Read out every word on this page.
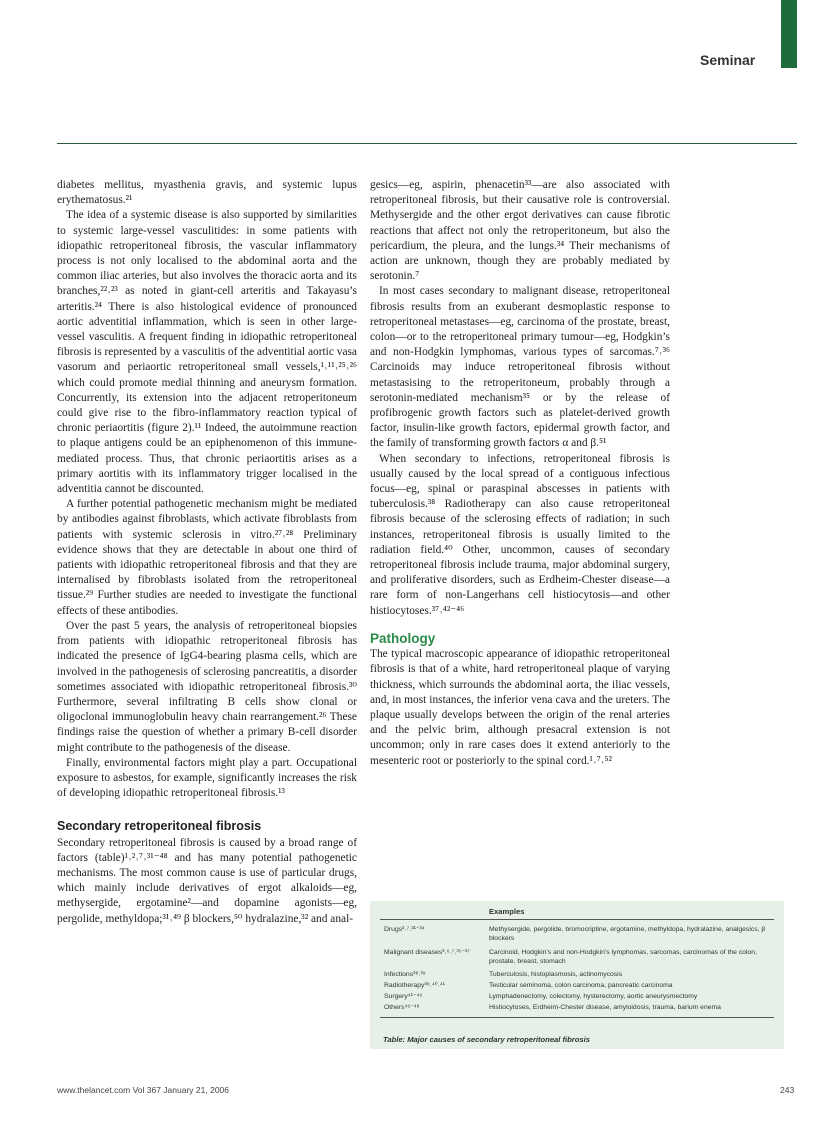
Seminar

diabetes mellitus, myasthenia gravis, and systemic lupus erythematosus.²¹

The idea of a systemic disease is also supported by similarities to systemic large-vessel vasculitides: in some patients with idiopathic retroperitoneal fibrosis, the vascular inflammatory process is not only localised to the abdominal aorta and the common iliac arteries, but also involves the thoracic aorta and its branches,²²˒²³ as noted in giant-cell arteritis and Takayasu’s arteritis.²⁴ There is also histological evidence of pronounced aortic adventitial inflammation, which is seen in other large-vessel vasculitis. A frequent finding in idiopathic retroperitoneal fibrosis is represented by a vasculitis of the adventitial aortic vasa vasorum and periaortic retroperitoneal small vessels,¹˒¹¹˒²⁵˒²⁶ which could promote medial thinning and aneurysm formation. Concurrently, its extension into the adjacent retroperitoneum could give rise to the fibro-inflammatory reaction typical of chronic periaortitis (figure 2).¹¹ Indeed, the autoimmune reaction to plaque antigens could be an epiphenomenon of this immune-mediated process. Thus, that chronic periaortitis arises as a primary aortitis with its inflammatory trigger localised in the adventitia cannot be discounted.

A further potential pathogenetic mechanism might be mediated by antibodies against fibroblasts, which activate fibroblasts from patients with systemic sclerosis in vitro.²⁷˒²⁸ Preliminary evidence shows that they are detectable in about one third of patients with idiopathic retroperitoneal fibrosis and that they are internalised by fibroblasts isolated from the retroperitoneal tissue.²⁹ Further studies are needed to investigate the functional effects of these antibodies.

Over the past 5 years, the analysis of retroperitoneal biopsies from patients with idiopathic retroperitoneal fibrosis has indicated the presence of IgG4-bearing plasma cells, which are involved in the pathogenesis of sclerosing pancreatitis, a disorder sometimes associated with idiopathic retroperitoneal fibrosis.³⁰ Furthermore, several infiltrating B cells show clonal or oligoclonal immunoglobulin heavy chain rearrangement.²⁶ These findings raise the question of whether a primary B-cell disorder might contribute to the pathogenesis of the disease.

Finally, environmental factors might play a part. Occupational exposure to asbestos, for example, significantly increases the risk of developing idiopathic retroperitoneal fibrosis.¹³

Secondary retroperitoneal fibrosis

Secondary retroperitoneal fibrosis is caused by a broad range of factors (table)¹˒²˒⁷˒³¹⁻⁴⁸ and has many potential pathogenetic mechanisms. The most common cause is use of particular drugs, which mainly include derivatives of ergot alkaloids—eg, methysergide, ergotamine²—and dopamine agonists—eg, pergolide, methyldopa;³¹˒⁴⁹ β blockers,⁵⁰ hydralazine,³² and anal-

gesics—eg, aspirin, phenacetin³³—are also associated with retroperitoneal fibrosis, but their causative role is controversial. Methysergide and the other ergot derivatives can cause fibrotic reactions that affect not only the retroperitoneum, but also the pericardium, the pleura, and the lungs.³⁴ Their mechanisms of action are unknown, though they are probably mediated by serotonin.⁷

In most cases secondary to malignant disease, retroperitoneal fibrosis results from an exuberant desmoplastic response to retroperitoneal metastases—eg, carcinoma of the prostate, breast, colon—or to the retroperitoneal primary tumour—eg, Hodgkin’s and non-Hodgkin lymphomas, various types of sarcomas.⁷˒³⁶ Carcinoids may induce retroperitoneal fibrosis without metastasising to the retroperitoneum, probably through a serotonin-mediated mechanism³⁵ or by the release of profibrogenic growth factors such as platelet-derived growth factor, insulin-like growth factors, epidermal growth factor, and the family of transforming growth factors α and β.⁵¹

When secondary to infections, retroperitoneal fibrosis is usually caused by the local spread of a contiguous infectious focus—eg, spinal or paraspinal abscesses in patients with tuberculosis.³⁸ Radiotherapy can also cause retroperitoneal fibrosis because of the sclerosing effects of radiation; in such instances, retroperitoneal fibrosis is usually limited to the radiation field.⁴⁰ Other, uncommon, causes of secondary retroperitoneal fibrosis include trauma, major abdominal surgery, and proliferative disorders, such as Erdheim-Chester disease—a rare form of non-Langerhans cell histiocytosis—and other histiocytoses.³⁷˒⁴²⁻⁴⁶

Pathology

The typical macroscopic appearance of idiopathic retroperitoneal fibrosis is that of a white, hard retroperitoneal plaque of varying thickness, which surrounds the abdominal aorta, the iliac vessels, and, in most instances, the inferior vena cava and the ureters. The plaque usually develops between the origin of the renal arteries and the pelvic brim, although presacral extension is not uncommon; only in rare cases does it extend anteriorly to the mesenteric root or posteriorly to the spinal cord.¹˒⁷˒⁵²

Examples
Drugs²˒⁷˒³¹⁻³⁴	Methysergide, pergolide, bromocriptine, ergotamine, methyldopa, hydralazine, analgesics, β blockers
Malignant diseases³˒⁶˒⁷˒³⁵⁻³⁷	Carcinoid, Hodgkin’s and non-Hodgkin’s lymphomas, sarcomas, carcinomas of the colon, prostate, breast, stomach
Infections³⁸˒³⁹	Tuberculosis, histoplasmosis, actinomycosis
Radiotherapy³⁸˒⁴⁰˒⁴¹	Testicular seminoma, colon carcinoma, pancreatic carcinoma
Surgery⁴¹⁻⁴⁶	Lymphadenectomy, colectomy, hysterectomy, aortic aneurysmectomy
Others⁴⁶⁻⁴⁸	Histiocytoses, Erdheim-Chester disease, amyloidosis, trauma, barium enema
Table: Major causes of secondary retroperitoneal fibrosis
www.thelancet.com Vol 367 January 21, 2006	243
